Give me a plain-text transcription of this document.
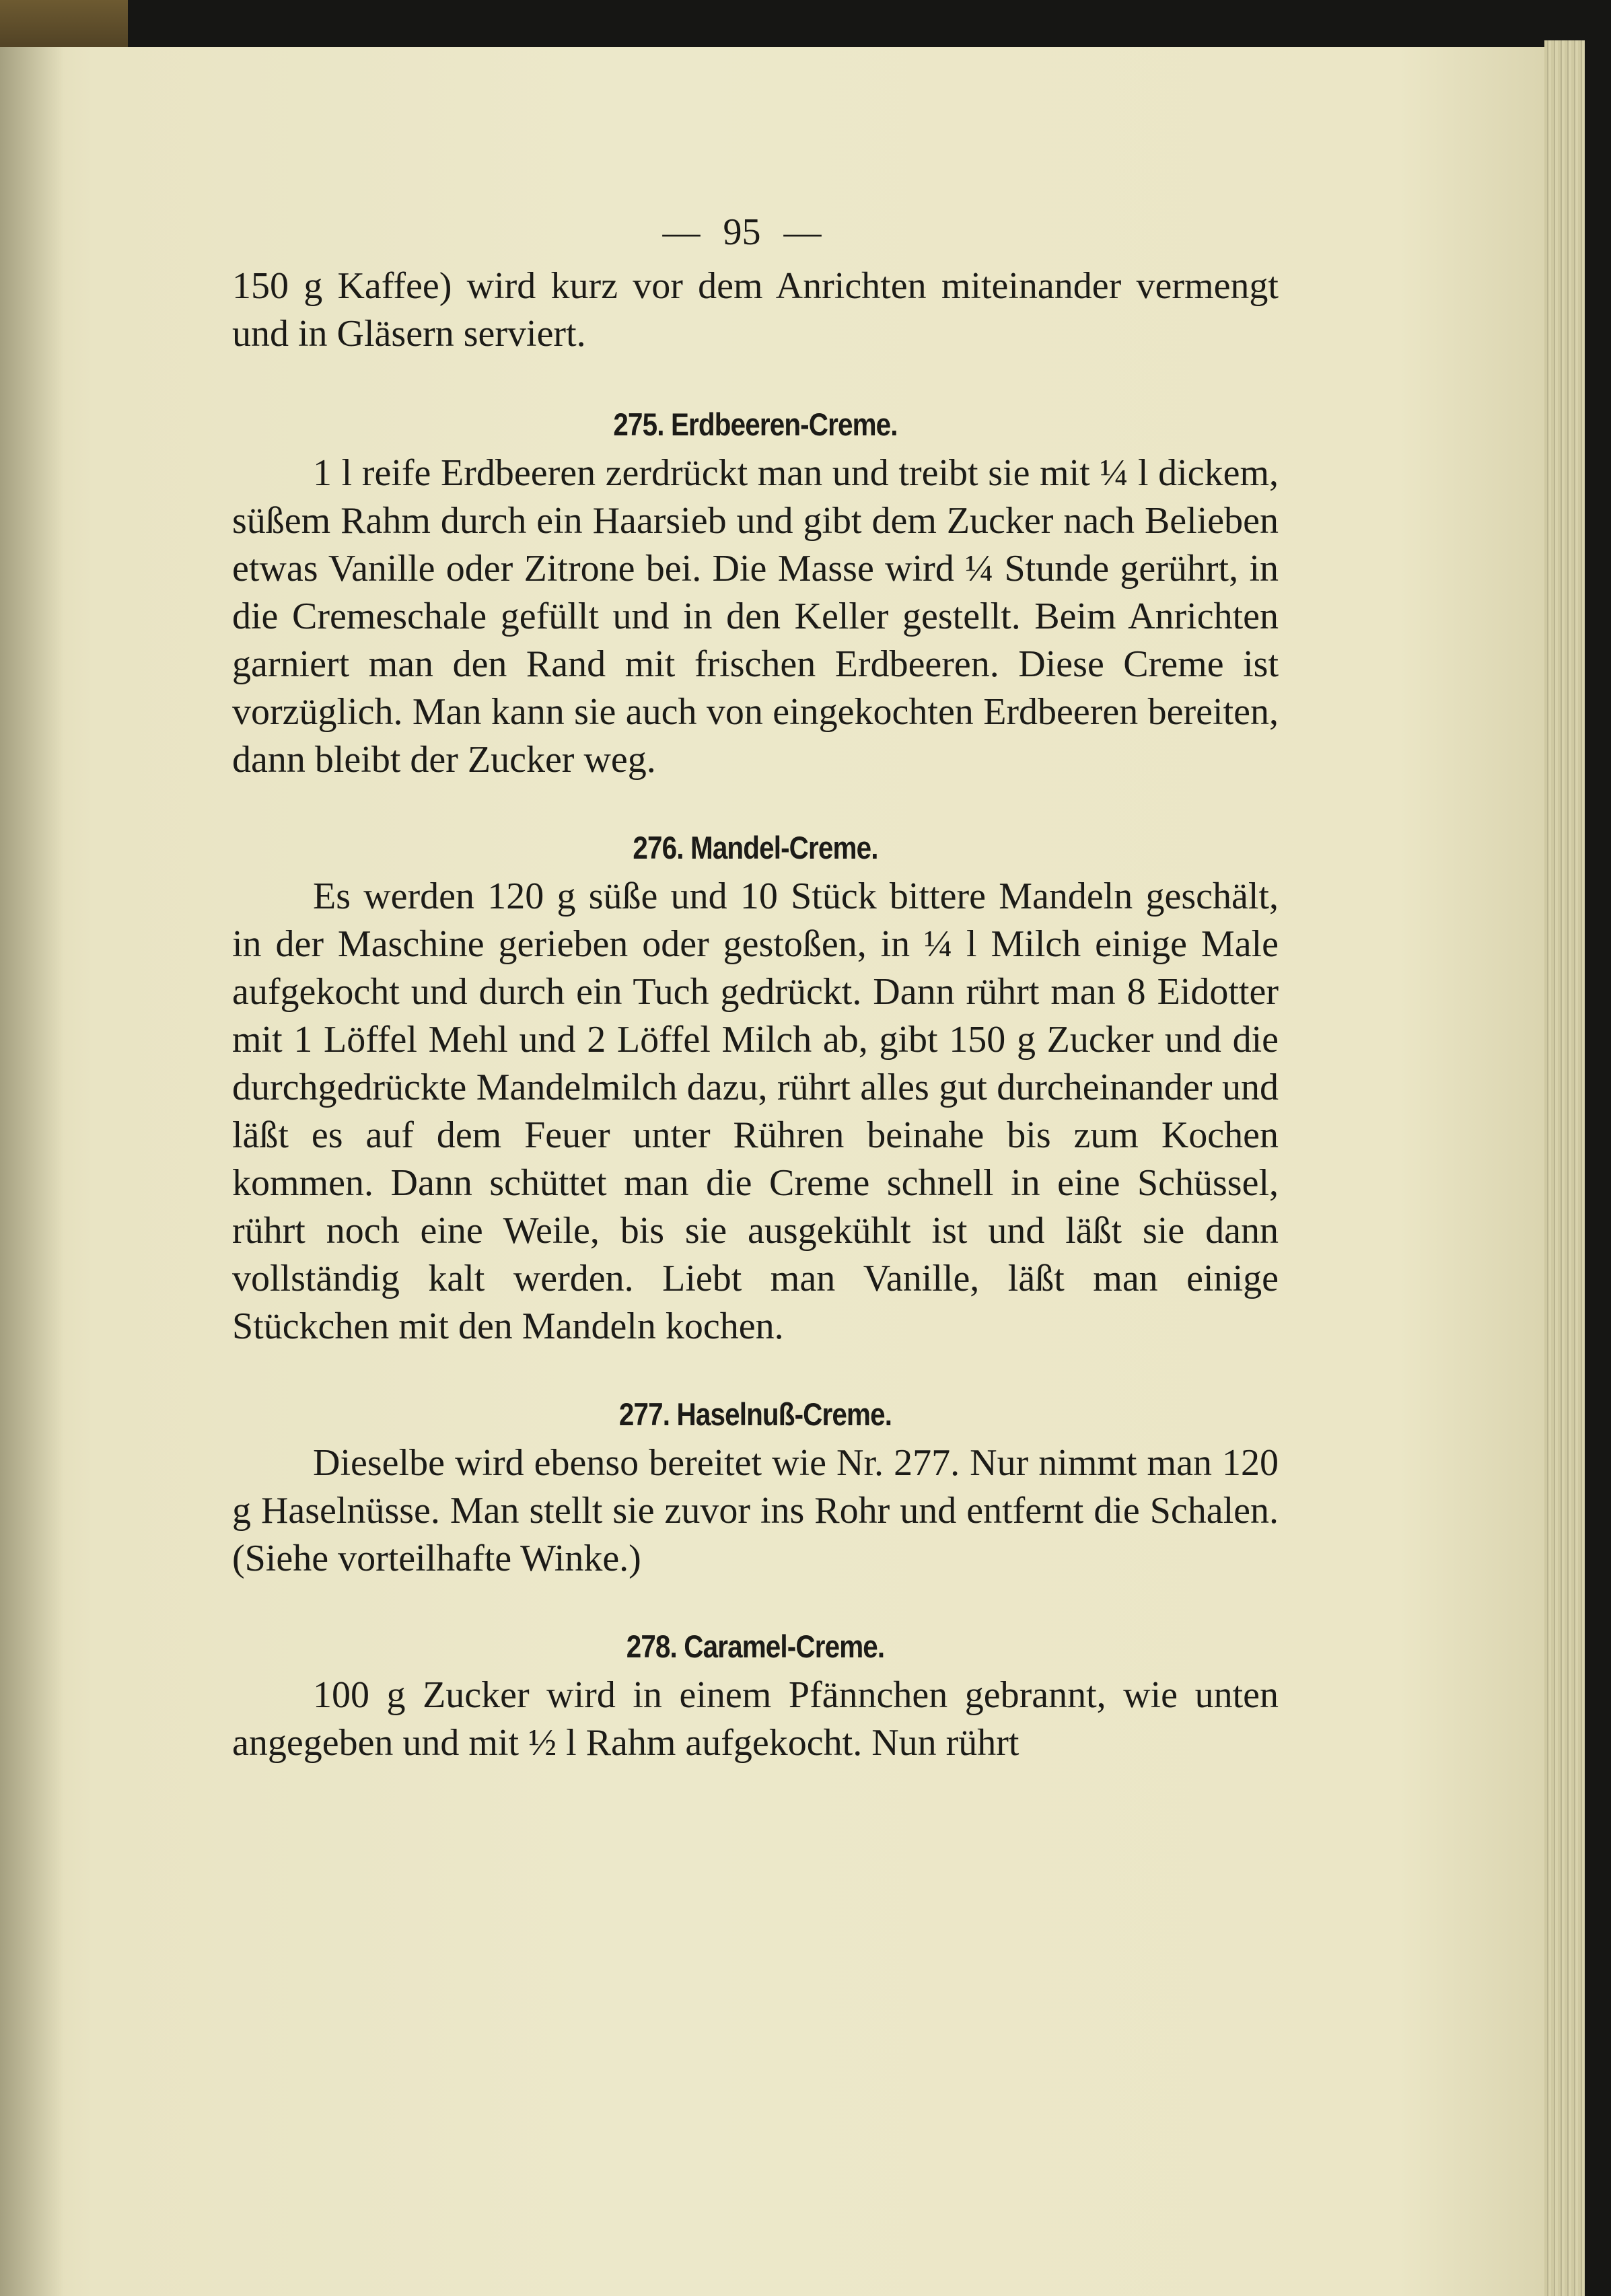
— 95 —

150 g Kaffee) wird kurz vor dem Anrichten miteinander vermengt und in Gläsern serviert.

275. Erdbeeren-Creme.

1 l reife Erdbeeren zerdrückt man und treibt sie mit ¼ l dickem, süßem Rahm durch ein Haarsieb und gibt dem Zucker nach Belieben etwas Vanille oder Zitrone bei. Die Masse wird ¼ Stunde gerührt, in die Cremeschale gefüllt und in den Keller gestellt. Beim Anrichten garniert man den Rand mit frischen Erdbeeren. Diese Creme ist vorzüglich. Man kann sie auch von eingekochten Erdbeeren bereiten, dann bleibt der Zucker weg.

276. Mandel-Creme.

Es werden 120 g süße und 10 Stück bittere Mandeln geschält, in der Maschine gerieben oder gestoßen, in ¼ l Milch einige Male aufgekocht und durch ein Tuch gedrückt. Dann rührt man 8 Eidotter mit 1 Löffel Mehl und 2 Löffel Milch ab, gibt 150 g Zucker und die durchgedrückte Mandelmilch dazu, rührt alles gut durcheinander und läßt es auf dem Feuer unter Rühren beinahe bis zum Kochen kommen. Dann schüttet man die Creme schnell in eine Schüssel, rührt noch eine Weile, bis sie ausgekühlt ist und läßt sie dann vollständig kalt werden. Liebt man Vanille, läßt man einige Stückchen mit den Mandeln kochen.

277. Haselnuß-Creme.

Dieselbe wird ebenso bereitet wie Nr. 277. Nur nimmt man 120 g Haselnüsse. Man stellt sie zuvor ins Rohr und entfernt die Schalen. (Siehe vorteilhafte Winke.)

278. Caramel-Creme.

100 g Zucker wird in einem Pfännchen gebrannt, wie unten angegeben und mit ½ l Rahm aufgekocht. Nun rührt
